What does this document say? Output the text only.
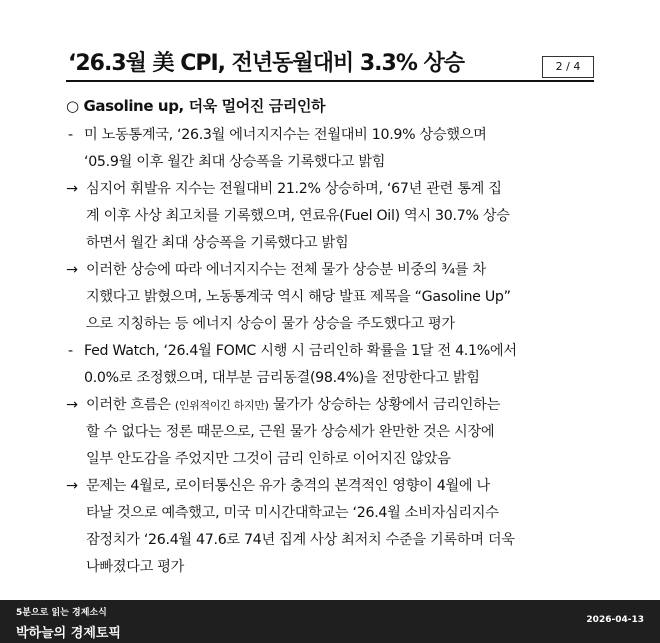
‘26.3월 美 CPI, 전년동월대비 3.3% 상승	2 / 4
○ Gasoline up, 더욱 멀어진 금리인하
- 미 노동통계국, ‘26.3월 에너지지수는 전월대비 10.9% 상승했으며
‘05.9월 이후 월간 최대 상승폭을 기록했다고 밝힘
→ 심지어 휘발유 지수는 전월대비 21.2% 상승하며, ‘67년 관련 통계 집
계 이후 사상 최고치를 기록했으며, 연료유(Fuel Oil) 역시 30.7% 상승
하면서 월간 최대 상승폭을 기록했다고 밝힘
→ 이러한 상승에 따라 에너지지수는 전체 물가 상승분 비중의 ¾를 차
지했다고 밝혔으며, 노동통계국 역시 해당 발표 제목을 “Gasoline Up”
으로 지칭하는 등 에너지 상승이 물가 상승을 주도했다고 평가
- Fed Watch, ‘26.4월 FOMC 시행 시 금리인하 확률을 1달 전 4.1%에서
0.0%로 조정했으며, 대부분 금리동결(98.4%)을 전망한다고 밝힘
→ 이러한 흐름은 (인위적이긴 하지만) 물가가 상승하는 상황에서 금리인하는
할 수 없다는 정론 때문으로, 근원 물가 상승세가 완만한 것은 시장에
일부 안도감을 주었지만 그것이 금리 인하로 이어지진 않았음
→ 문제는 4월로, 로이터통신은 유가 충격의 본격적인 영향이 4월에 나
타날 것으로 예측했고, 미국 미시간대학교는 ‘26.4월 소비자심리지수
잠정치가 ‘26.4월 47.6로 74년 집계 사상 최저치 수준을 기록하며 더욱
나빠졌다고 평가
5분으로 읽는 경제소식
박하늘의 경제토픽
2026-04-13
